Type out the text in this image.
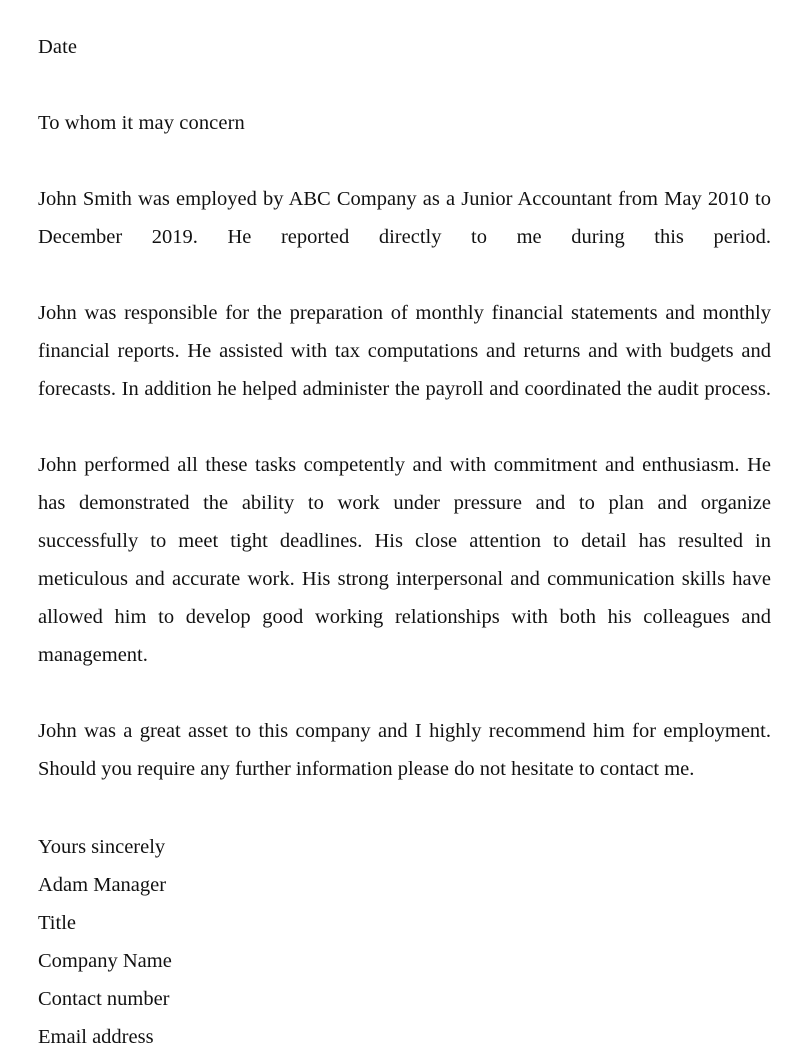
Date
To whom it may concern

John Smith was employed by ABC Company as a Junior Accountant from May 2010 to December 2019. He reported directly to me during this period.

John was responsible for the preparation of monthly financial statements and monthly financial reports. He assisted with tax computations and returns and with budgets and forecasts. In addition he helped administer the payroll and coordinated the audit process.

John performed all these tasks competently and with commitment and enthusiasm. He has demonstrated the ability to work under pressure and to plan and organize successfully to meet tight deadlines. His close attention to detail has resulted in meticulous and accurate work. His strong interpersonal and communication skills have allowed him to develop good working relationships with both his colleagues and management.

John was a great asset to this company and I highly recommend him for employment. Should you require any further information please do not hesitate to contact me.

Yours sincerely
Adam Manager
Title
Company Name
Contact number
Email address
